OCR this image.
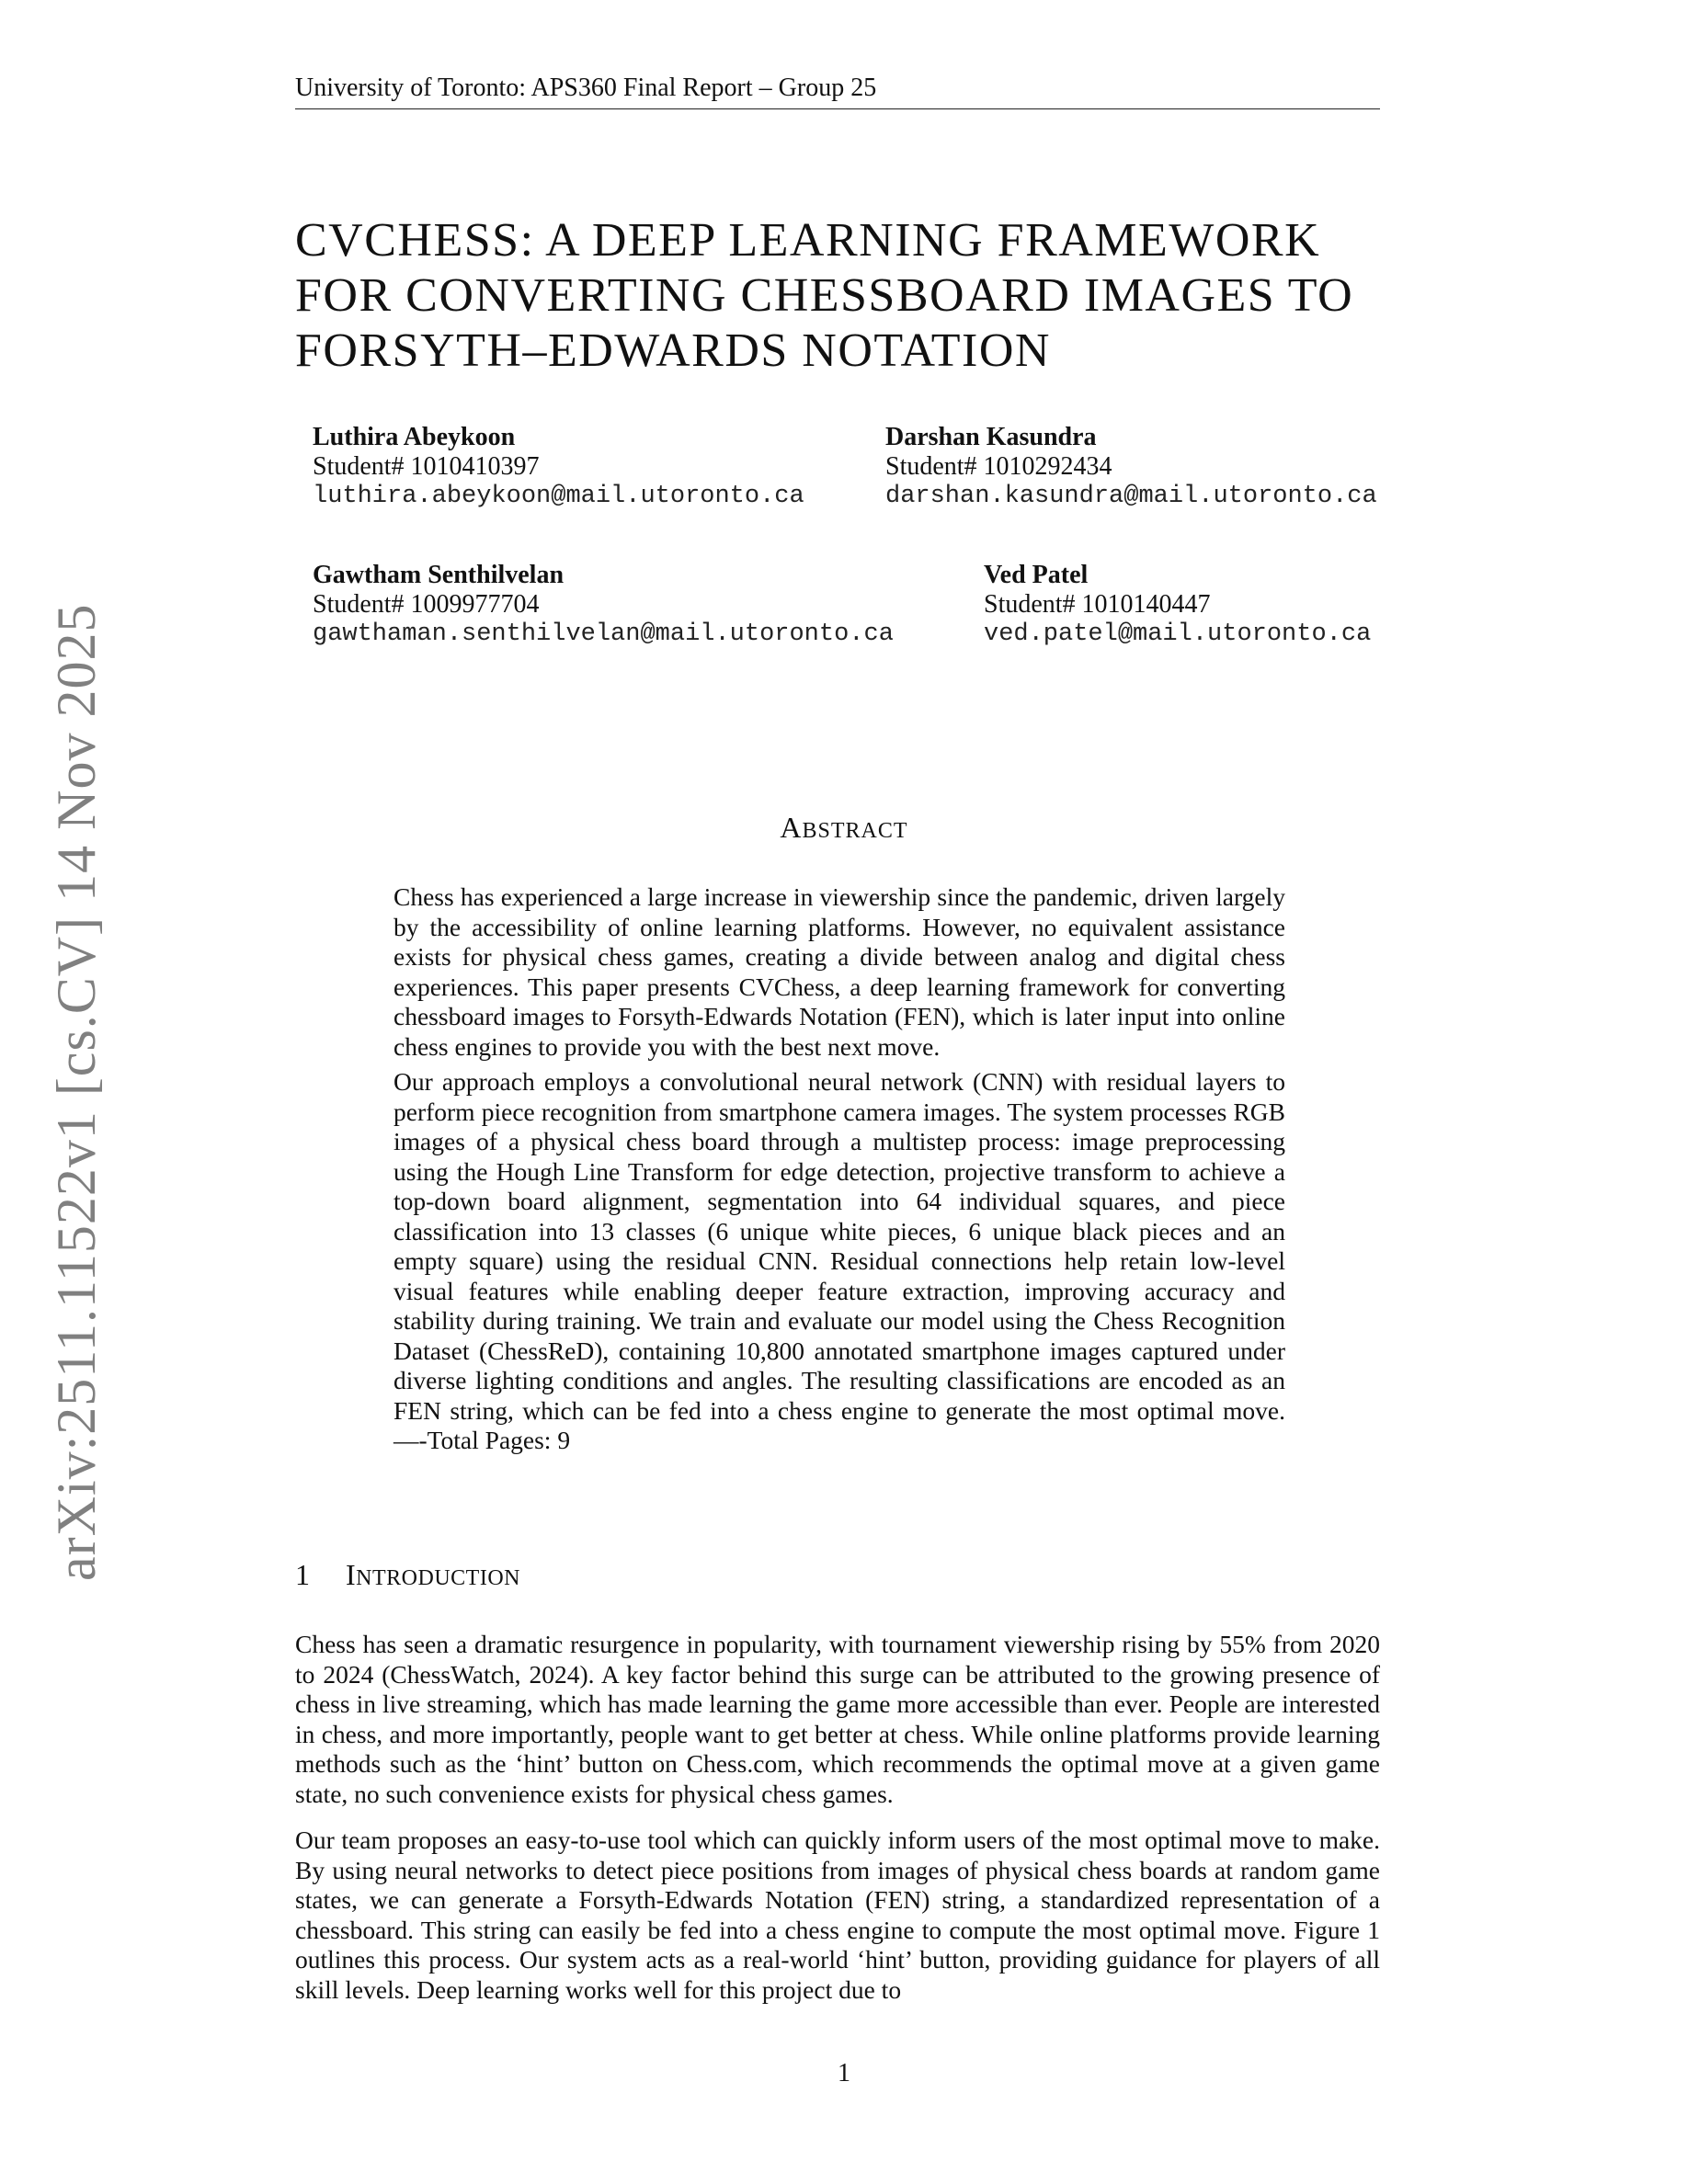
University of Toronto: APS360 Final Report – Group 25
arXiv:2511.11522v1 [cs.CV] 14 Nov 2025
CVCHESS: A DEEP LEARNING FRAMEWORK
FOR CONVERTING CHESSBOARD IMAGES TO
FORSYTH–EDWARDS NOTATION
Luthira Abeykoon
Student# 1010410397
luthira.abeykoon@mail.utoronto.ca
Darshan Kasundra
Student# 1010292434
darshan.kasundra@mail.utoronto.ca
Gawtham Senthilvelan
Student# 1009977704
gawthaman.senthilvelan@mail.utoronto.ca
Ved Patel
Student# 1010140447
ved.patel@mail.utoronto.ca
ABSTRACT

Chess has experienced a large increase in viewership since the pandemic, driven largely by the accessibility of online learning platforms. However, no equivalent assistance exists for physical chess games, creating a divide between analog and digital chess experiences. This paper presents CVChess, a deep learning framework for converting chessboard images to Forsyth-Edwards Notation (FEN), which is later input into online chess engines to provide you with the best next move.

Our approach employs a convolutional neural network (CNN) with residual layers to perform piece recognition from smartphone camera images. The system processes RGB images of a physical chess board through a multistep process: image preprocessing using the Hough Line Transform for edge detection, projective transform to achieve a top-down board alignment, segmentation into 64 individual squares, and piece classification into 13 classes (6 unique white pieces, 6 unique black pieces and an empty square) using the residual CNN. Residual connections help retain low-level visual features while enabling deeper feature extraction, improving accuracy and stability during training. We train and evaluate our model using the Chess Recognition Dataset (ChessReD), containing 10,800 annotated smartphone images captured under diverse lighting conditions and angles. The resulting classifications are encoded as an FEN string, which can be fed into a chess engine to generate the most optimal move. —-Total Pages: 9

1 INTRODUCTION

Chess has seen a dramatic resurgence in popularity, with tournament viewership rising by 55% from 2020 to 2024 (ChessWatch, 2024). A key factor behind this surge can be attributed to the growing presence of chess in live streaming, which has made learning the game more accessible than ever. People are interested in chess, and more importantly, people want to get better at chess. While online platforms provide learning methods such as the ‘hint’ button on Chess.com, which recommends the optimal move at a given game state, no such convenience exists for physical chess games.

Our team proposes an easy-to-use tool which can quickly inform users of the most optimal move to make. By using neural networks to detect piece positions from images of physical chess boards at random game states, we can generate a Forsyth-Edwards Notation (FEN) string, a standardized representation of a chessboard. This string can easily be fed into a chess engine to compute the most optimal move. Figure 1 outlines this process. Our system acts as a real-world ‘hint’ button, providing guidance for players of all skill levels. Deep learning works well for this project due to

1
